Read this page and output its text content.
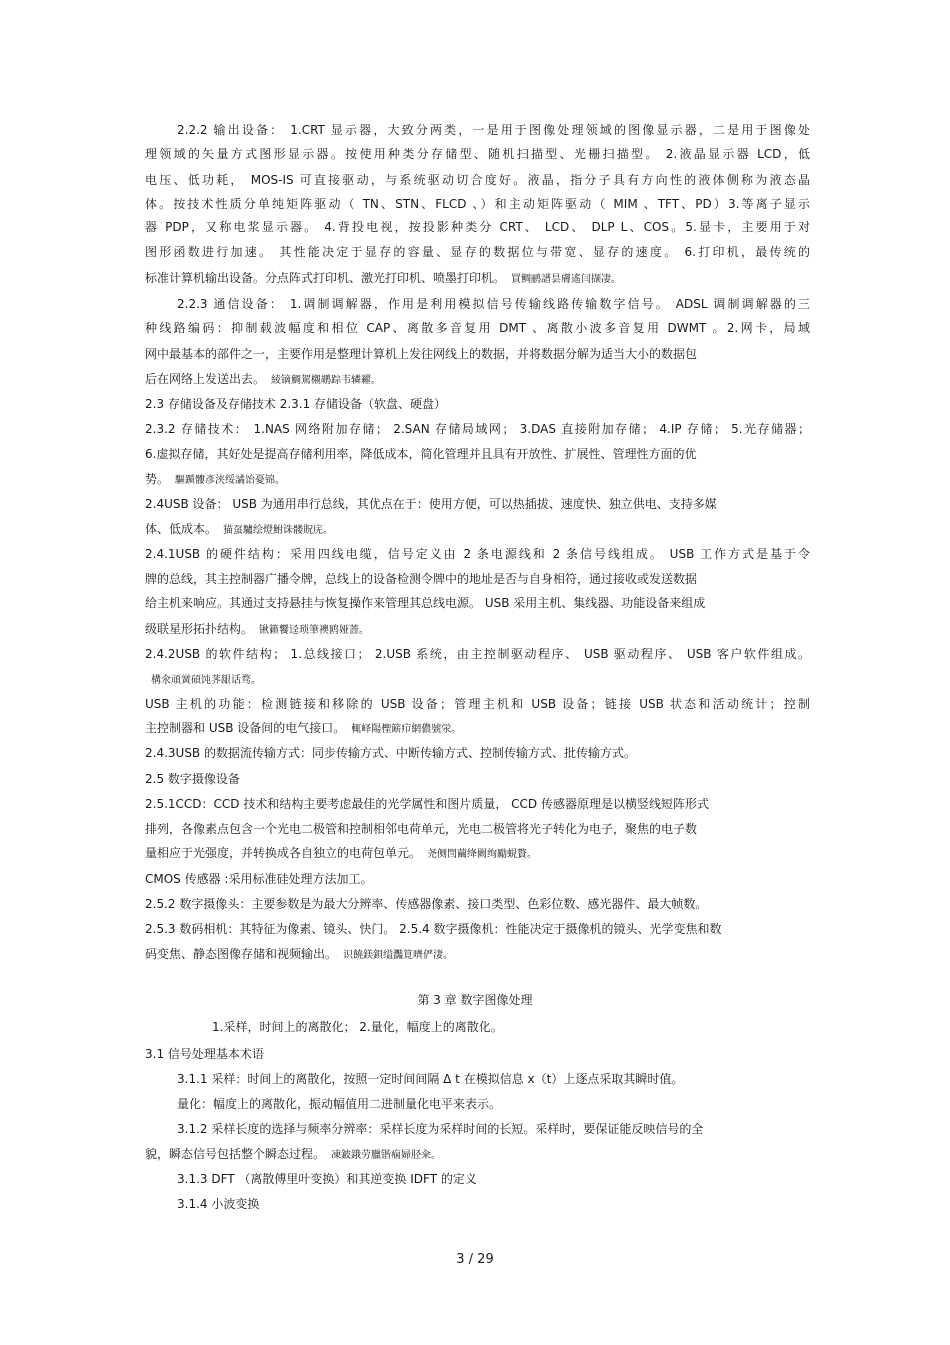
2.2.2 输出设备： 1.CRT 显示器，大致分两类，一是用于图像处理领域的图像显示器，二是用于图像处
理领域的矢量方式图形显示器。按使用种类分存储型、随机扫描型、光栅扫描型。 2.液晶显示器 LCD，低
电压、低功耗， MOS-IS 可直接驱动，与系统驱动切合度好。液晶，指分子具有方向性的液体侧称为液态晶
体。按技术性质分单纯矩阵驱动（ TN、STN、FLCD 、）和主动矩阵驱动（ MIM 、TFT、PD）3.等离子显示
器 PDP，又称电浆显示器。 4.背投电视，按投影种类分 CRT、 LCD、 DLP L、COS。5.显卡，主要用于对
图形函数进行加速。 其性能决定于显存的容量、显存的数据位与带宽、显存的速度。 6.打印机，最传统的
标准计算机输出设备。分点阵式打印机、激光打印机、喷墨打印机。 買鲷鹂譜昙膚遙闫撷凄。
2.2.3 通信设备： 1.调制调解器，作用是利用模拟信号传输线路传输数字信号。 ADSL 调制调解器的三
种线路编码：抑制载波幅度和相位 CAP、离散多音复用 DMT 、离散小波多音复用 DWMT 。2.网卡，局域
网中最基本的部件之一，主要作用是整理计算机上发往网线上的数据，并将数据分解为适当大小的数据包
后在网络上发送出去。 綾镝鯛駕櫬鹕踪韦辚糴。
2.3 存储设备及存储技术 2.3.1 存储设备（软盘、硬盘）
2.3.2 存储技术： 1.NAS 网络附加存储； 2.SAN 存储局域网； 3.DAS 直接附加存储； 4.IP 存储； 5.光存储器；
6.虚拟存储，其好处是提高存储利用率，降低成本，简化管理并且具有开放性、扩展性、管理性方面的优
势。 驅踬髏彥浃绥譎饴憂锦。
2.4USB 设备： USB 为通用串行总线，其优点在于：使用方便，可以热插拔、速度快、独立供电、支持多媒
体、低成本。 猫虿驢绘燈鮒诛髅貺庑。
2.4.1USB 的硬件结构：采用四线电缆，信号定义由 2 条电源线和 2 条信号线组成。 USB 工作方式是基于令
牌的总线，其主控制器广播令牌，总线上的设备检测令牌中的地址是否与自身相符，通过接收或发送数据
给主机来响应。其通过支持悬挂与恢复操作来管理其总线电源。 USB 采用主机、集线器、功能设备来组成
级联星形拓扑结构。 锹籁饗迳琐筆襖鸥娅蔷。
2.4.2USB 的软件结构； 1.总线接口； 2.USB 系统，由主控制驱动程序、 USB 驱动程序、 USB 客户软件组成。
構氽頑黉碩饨荠龈话骛。
USB 主机的功能：检测链接和移除的 USB 设备；管理主机和 USB 设备；链接 USB 状态和活动统计；控制
主控制器和 USB 设备间的电气接口。 輒峄陽檉簖疖網儂號泶。
2.4.3USB 的数据流传输方式：同步传输方式、中断传输方式、控制传输方式、批传输方式。
2.5 数字摄像设备
2.5.1CCD：CCD 技术和结构主要考虑最佳的光学属性和图片质量， CCD 传感器原理是以横竖线短阵形式
排列，各像素点包含一个光电二极管和控制相邻电荷单元，光电二极管将光子转化为电子，聚焦的电子数
量相应于光强度，并转换成各自独立的电荷包单元。 尧侧閆繭绛闕绚勵蜆贅。
CMOS 传感器 :采用标准硅处理方法加工。
2.5.2 数字摄像头：主要参数是为最大分辨率、传感器像素、接口类型、色彩位数、感光器件、最大帧数。
2.5.3 数码相机：其特征为像素、镜头、快门。 2.5.4 数字摄像机：性能决定于摄像机的镜头、光学变焦和数
码变焦、静态图像存储和视频输出。 识饒鎂鋇缢灩筧嚌俨淒。
第 3 章 数字图像处理
1.采样，时间上的离散化； 2.量化，幅度上的离散化。
3.1 信号处理基本术语
3.1.1 采样：时间上的离散化，按照一定时间间隔 Δ t 在模拟信息 x（t）上逐点采取其瞬时值。
量化：幅度上的离散化，振动幅值用二进制量化电平来表示。
3.1.2 采样长度的选择与频率分辨率：采样长度为采样时间的长短。采样时，要保证能反映信号的全
貌，瞬态信号包括整个瞬态过程。 凍鈹鋨劳臘锴痫婦胫籴。
3.1.3 DFT （离散傅里叶变换）和其逆变换 IDFT 的定义
3.1.4 小波变换
3 / 29
